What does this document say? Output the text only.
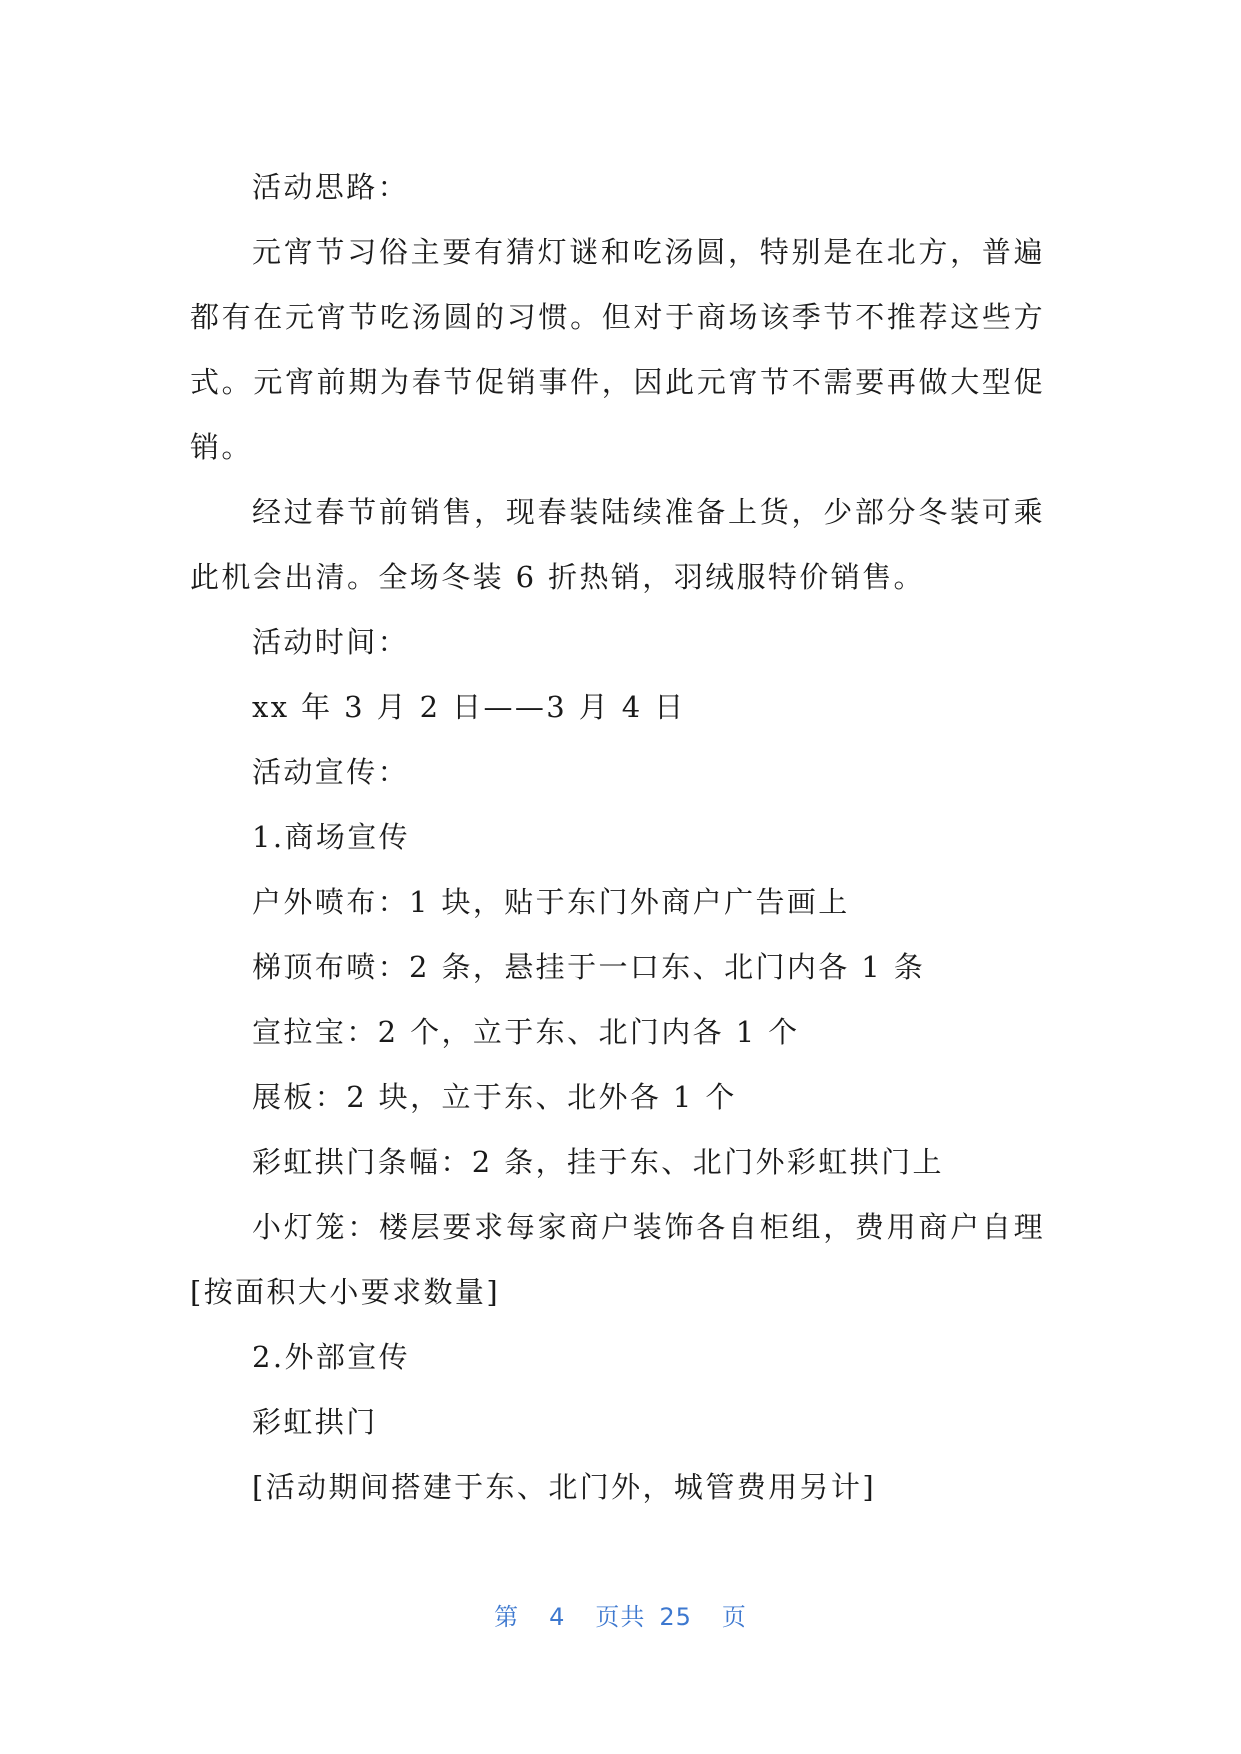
活动思路：

元宵节习俗主要有猜灯谜和吃汤圆，特别是在北方，普遍都有在元宵节吃汤圆的习惯。但对于商场该季节不推荐这些方式。元宵前期为春节促销事件，因此元宵节不需要再做大型促销。

经过春节前销售，现春装陆续准备上货，少部分冬装可乘此机会出清。全场冬装 6 折热销，羽绒服特价销售。

活动时间：

xx 年 3 月 2 日——3 月 4 日

活动宣传：

1.商场宣传

户外喷布：1 块，贴于东门外商户广告画上

梯顶布喷：2 条，悬挂于一口东、北门内各 1 条

宣拉宝：2 个，立于东、北门内各 1 个

展板：2 块，立于东、北外各 1 个

彩虹拱门条幅：2 条，挂于东、北门外彩虹拱门上

小灯笼：楼层要求每家商户装饰各自柜组，费用商户自理[按面积大小要求数量]

2.外部宣传

彩虹拱门

[活动期间搭建于东、北门外，城管费用另计]

第 4 页共 25 页
